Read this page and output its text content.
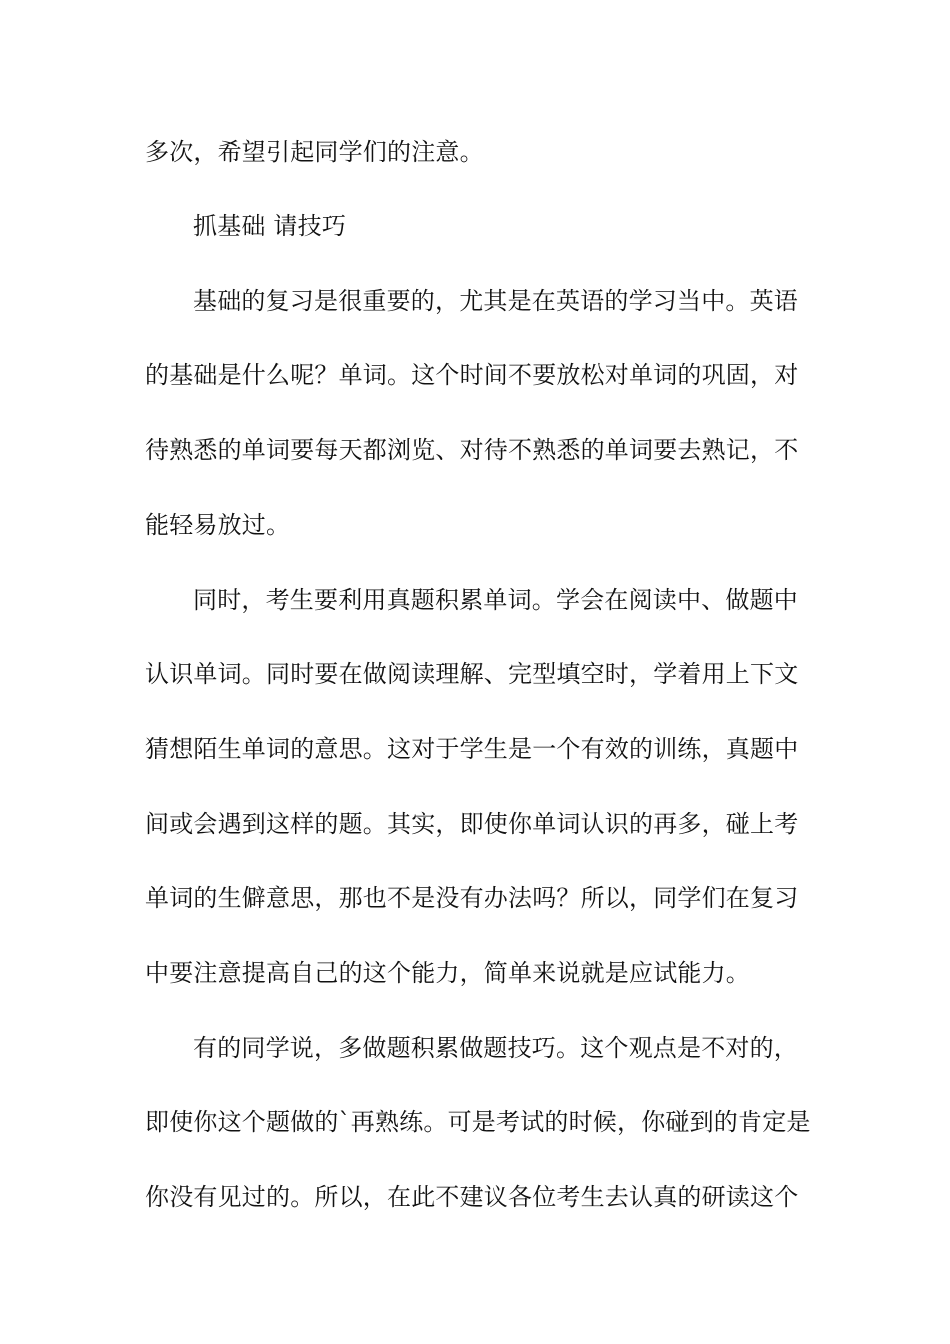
多次，希望引起同学们的注意。
抓基础 请技巧
基础的复习是很重要的，尤其是在英语的学习当中。英语
的基础是什么呢？单词。这个时间不要放松对单词的巩固，对
待熟悉的单词要每天都浏览、对待不熟悉的单词要去熟记，不
能轻易放过。
同时，考生要利用真题积累单词。学会在阅读中、做题中
认识单词。同时要在做阅读理解、完型填空时，学着用上下文
猜想陌生单词的意思。这对于学生是一个有效的训练，真题中
间或会遇到这样的题。其实，即使你单词认识的再多，碰上考
单词的生僻意思，那也不是没有办法吗？所以，同学们在复习
中要注意提高自己的这个能力，简单来说就是应试能力。
有的同学说，多做题积累做题技巧。这个观点是不对的，
即使你这个题做的`再熟练。可是考试的时候，你碰到的肯定是
你没有见过的。所以，在此不建议各位考生去认真的研读这个
